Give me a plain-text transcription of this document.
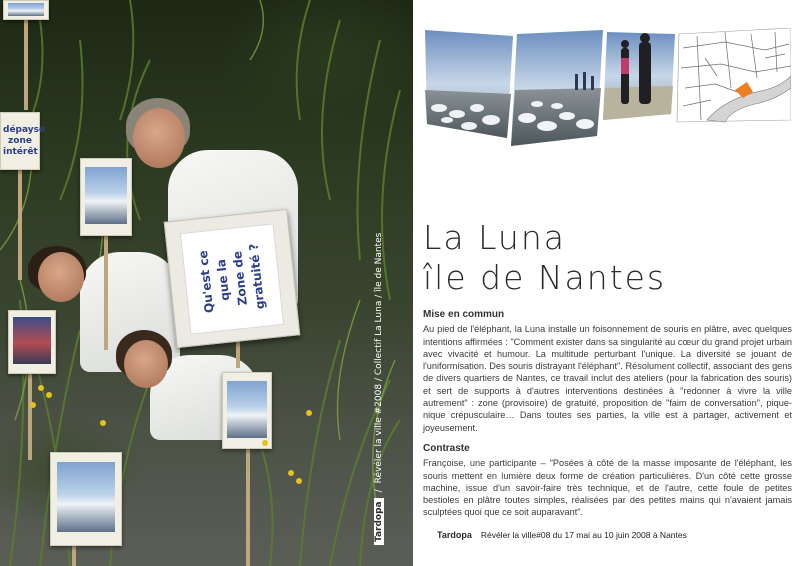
dépaysé
zone
intérêt
Qu'est ce
que la
Zone de
gratuité ?
Tardopa
/
Révéler la ville #2008 / Collectif La Luna / île de Nantes La Luna
île de Nantes
Mise en commun

Au pied de l'éléphant, la Luna installe un foisonnement de souris en plâtre, avec quelques intentions affirmées : "Comment exister dans sa singularité au cœur du grand projet urbain avec vivacité et humour. La multitude perturbant l'unique. La diversité se jouant de l'uniformisation. Des souris distrayant l'éléphant". Résolument collectif, associant des gens de divers quartiers de Nantes, ce travail inclut des ateliers (pour la fabrication des souris) et sert de supports à d'autres interventions destinées à "redonner à vivre la ville autrement" : zone (provisoire) de gratuité, proposition de "faim de conversation", pique-nique crépusculaire… Dans toutes ses parties, la ville est à partager, activement et joyeusement.

Contraste

Françoise, une participante – "Posées à côté de la masse imposante de l'éléphant, les souris mettent en lumière deux forme de création particulières. D'un côté cette grosse machine, issue d'un savoir-faire très technique, et de l'autre, cette foule de petites bestioles en plâtre toutes simples, réalisées par des petites mains qui n'avaient jamais sculptées quoi que ce soit auparavant".

Tardopa	Révéler la ville#08 du 17 mai au 10 juin 2008 à Nantes
